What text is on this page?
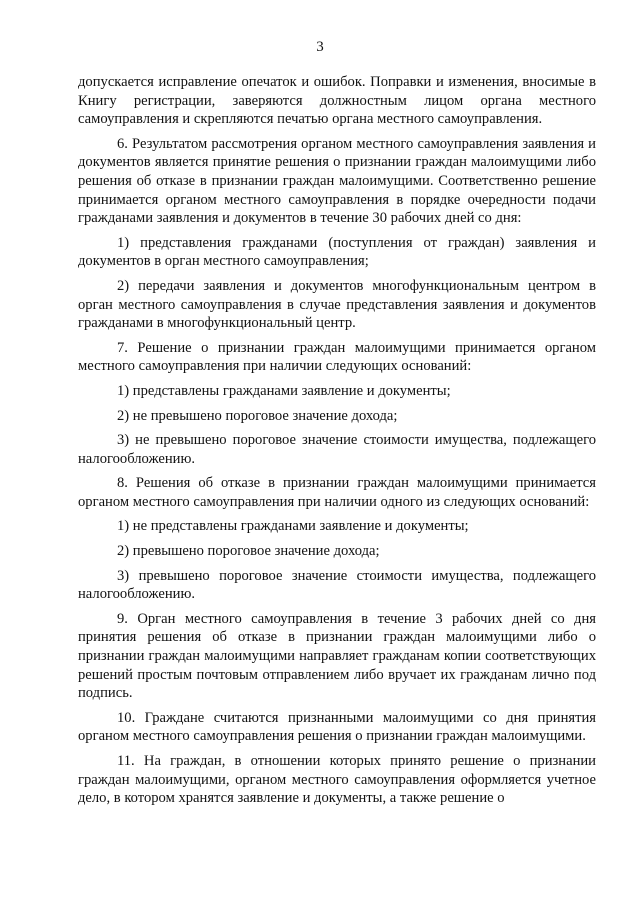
3

допускается исправление опечаток и ошибок. Поправки и изменения, вносимые в Книгу регистрации, заверяются должностным лицом органа местного самоуправления и скрепляются печатью органа местного самоуправления.

6. Результатом рассмотрения органом местного самоуправления заявления и документов является принятие решения о признании граждан малоимущими либо решения об отказе в признании граждан малоимущими. Соответственно решение принимается органом местного самоуправления в порядке очередности подачи гражданами заявления и документов в течение 30 рабочих дней со дня:

1) представления гражданами (поступления от граждан) заявления и документов в орган местного самоуправления;

2) передачи заявления и документов многофункциональным центром в орган местного самоуправления в случае представления заявления и документов гражданами в многофункциональный центр.

7. Решение о признании граждан малоимущими принимается органом местного самоуправления при наличии следующих оснований:

1) представлены гражданами заявление и документы;

2) не превышено пороговое значение дохода;

3) не превышено пороговое значение стоимости имущества, подлежащего налогообложению.

8. Решения об отказе в признании граждан малоимущими принимается органом местного самоуправления при наличии одного из следующих оснований:

1) не представлены гражданами заявление и документы;

2) превышено пороговое значение дохода;

3) превышено пороговое значение стоимости имущества, подлежащего налогообложению.

9. Орган местного самоуправления в течение 3 рабочих дней со дня принятия решения об отказе в признании граждан малоимущими либо о признании граждан малоимущими направляет гражданам копии соответствующих решений простым почтовым отправлением либо вручает их гражданам лично под подпись.

10. Граждане считаются признанными малоимущими со дня принятия органом местного самоуправления решения о признании граждан малоимущими.

11. На граждан, в отношении которых принято решение о признании граждан малоимущими, органом местного самоуправления оформляется учетное дело, в котором хранятся заявление и документы, а также решение о
